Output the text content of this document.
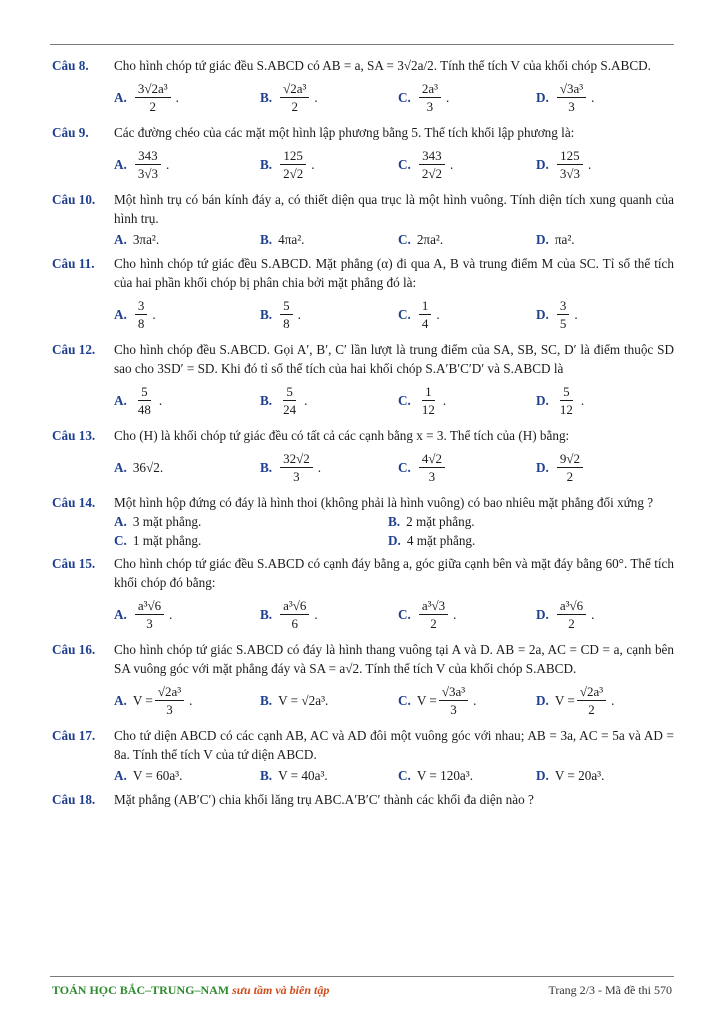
Câu 8. Cho hình chóp tứ giác đều S.ABCD có AB = a, SA = 3√2a/2. Tính thể tích V của khối chóp S.ABCD.
A. $\frac{\text{3√2a³}}{2}$ .	B. $\frac{\text{√2a³}}{2}$ .	C. $\frac{\text{2a³}}{3}$ .	D. $\frac{\text{√3a³}}{3}$ .
Câu 9. Các đường chéo của các mặt một hình lập phương bằng 5. Thể tích khối lập phương là:
A. $\frac{343}{3√3}$ .	B. $\frac{125}{2√2}$ .	C. $\frac{343}{2√2}$ .	D. $\frac{125}{3√3}$ .
Câu 10. Một hình trụ có bán kính đáy a, có thiết diện qua trục là một hình vuông. Tính diện tích xung quanh của hình trụ.
A. 3πa².	B. 4πa².	C. 2πa².	D. πa².
Câu 11. Cho hình chóp tứ giác đều S.ABCD. Mặt phẳng (α) đi qua A, B và trung điểm M của SC. Tỉ số thể tích của hai phần khối chóp bị phân chia bởi mặt phẳng đó là:
A. $\frac{3}{8}$ .	B. $\frac{5}{8}$ .	C. $\frac{1}{4}$ .	D. $\frac{3}{5}$ .
Câu 12. Cho hình chóp đều S.ABCD. Gọi A′, B′, C′ lần lượt là trung điểm của SA, SB, SC, D′ là điểm thuộc SD sao cho 3SD′ = SD. Khi đó tỉ số thể tích của hai khối chóp S.A′B′C′D′ và S.ABCD là
A. $\frac{5}{48}$ .	B. $\frac{5}{24}$ .	C. $\frac{1}{12}$ .	D. $\frac{5}{12}$ .
Câu 13. Cho (H) là khối chóp tứ giác đều có tất cả các cạnh bằng x = 3. Thể tích của (H) bằng:
A. 36√2.	B. $\frac{32√2}{3}$ .	C. $\frac{4√2}{3}$	D. $\frac{9√2}{2}$
Câu 14. Một hình hộp đứng có đáy là hình thoi (không phải là hình vuông) có bao nhiêu mặt phẳng đối xứng ?
A. 3 mặt phẳng.	B. 2 mặt phẳng.
C. 1 mặt phẳng.	D. 4 mặt phẳng.
Câu 15. Cho hình chóp tứ giác đều S.ABCD có cạnh đáy bằng a, góc giữa cạnh bên và mặt đáy bằng 60°. Thể tích khối chóp đó bằng:
A. $\frac{\text{a³√6}}{3}$ .	B. $\frac{\text{a³√6}}{6}$ .	C. $\frac{\text{a³√3}}{2}$ .	D. $\frac{\text{a³√6}}{2}$ .
Câu 16. Cho hình chóp tứ giác S.ABCD có đáy là hình thang vuông tại A và D. AB = 2a, AC = CD = a, cạnh bên SA vuông góc với mặt phẳng đáy và SA = a√2. Tính thể tích V của khối chóp S.ABCD.
A. $V = \frac{\text{√2a³}}{3}$ .	B. V = √2a³.	C. $V = \frac{\text{√3a³}}{3}$ .	D. $V = \frac{\text{√2a³}}{2}$ .
Câu 17. Cho tứ diện ABCD có các cạnh AB, AC và AD đôi một vuông góc với nhau; AB = 3a, AC = 5a và AD = 8a. Tính thể tích V của tứ diện ABCD.
A. V = 60a³.	B. V = 40a³.	C. V = 120a³.	D. V = 20a³.
Câu 18. Mặt phẳng (AB′C′) chia khối lăng trụ ABC.A′B′C′ thành các khối đa diện nào ?
TOÁN HỌC BẮC–TRUNG–NAM sưu tầm và biên tập	Trang 2/3 - Mã đề thi 570
